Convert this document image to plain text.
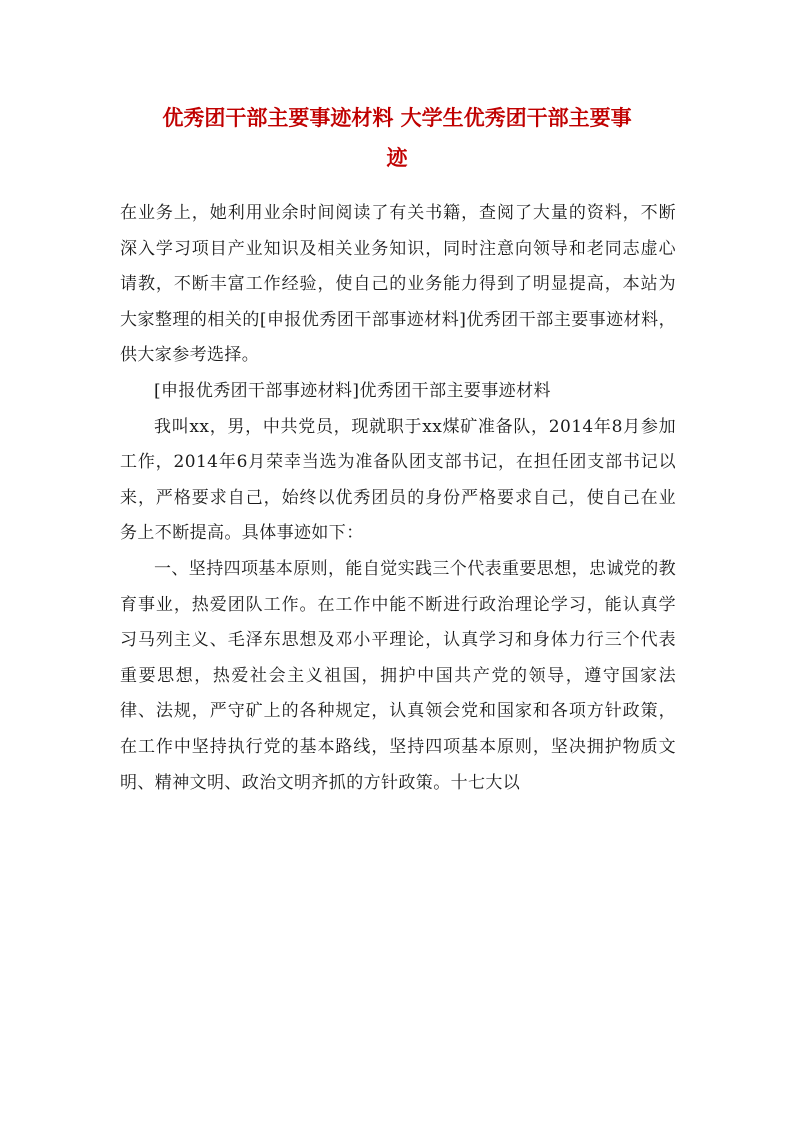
优秀团干部主要事迹材料 大学生优秀团干部主要事
迹

在业务上，她利用业余时间阅读了有关书籍，查阅了大量的资料，不断深入学习项目产业知识及相关业务知识，同时注意向领导和老同志虚心请教，不断丰富工作经验，使自己的业务能力得到了明显提高，本站为大家整理的相关的[申报优秀团干部事迹材料]优秀团干部主要事迹材料，供大家参考选择。

[申报优秀团干部事迹材料]优秀团干部主要事迹材料

我叫xx，男，中共党员，现就职于xx煤矿准备队，2014年8月参加工作，2014年6月荣幸当选为准备队团支部书记，在担任团支部书记以来，严格要求自己，始终以优秀团员的身份严格要求自己，使自己在业务上不断提高。具体事迹如下：

一、坚持四项基本原则，能自觉实践三个代表重要思想，忠诚党的教育事业，热爱团队工作。在工作中能不断进行政治理论学习，能认真学习马列主义、毛泽东思想及邓小平理论，认真学习和身体力行三个代表重要思想，热爱社会主义祖国，拥护中国共产党的领导，遵守国家法律、法规，严守矿上的各种规定，认真领会党和国家和各项方针政策，在工作中坚持执行党的基本路线，坚持四项基本原则，坚决拥护物质文明、精神文明、政治文明齐抓的方针政策。十七大以
